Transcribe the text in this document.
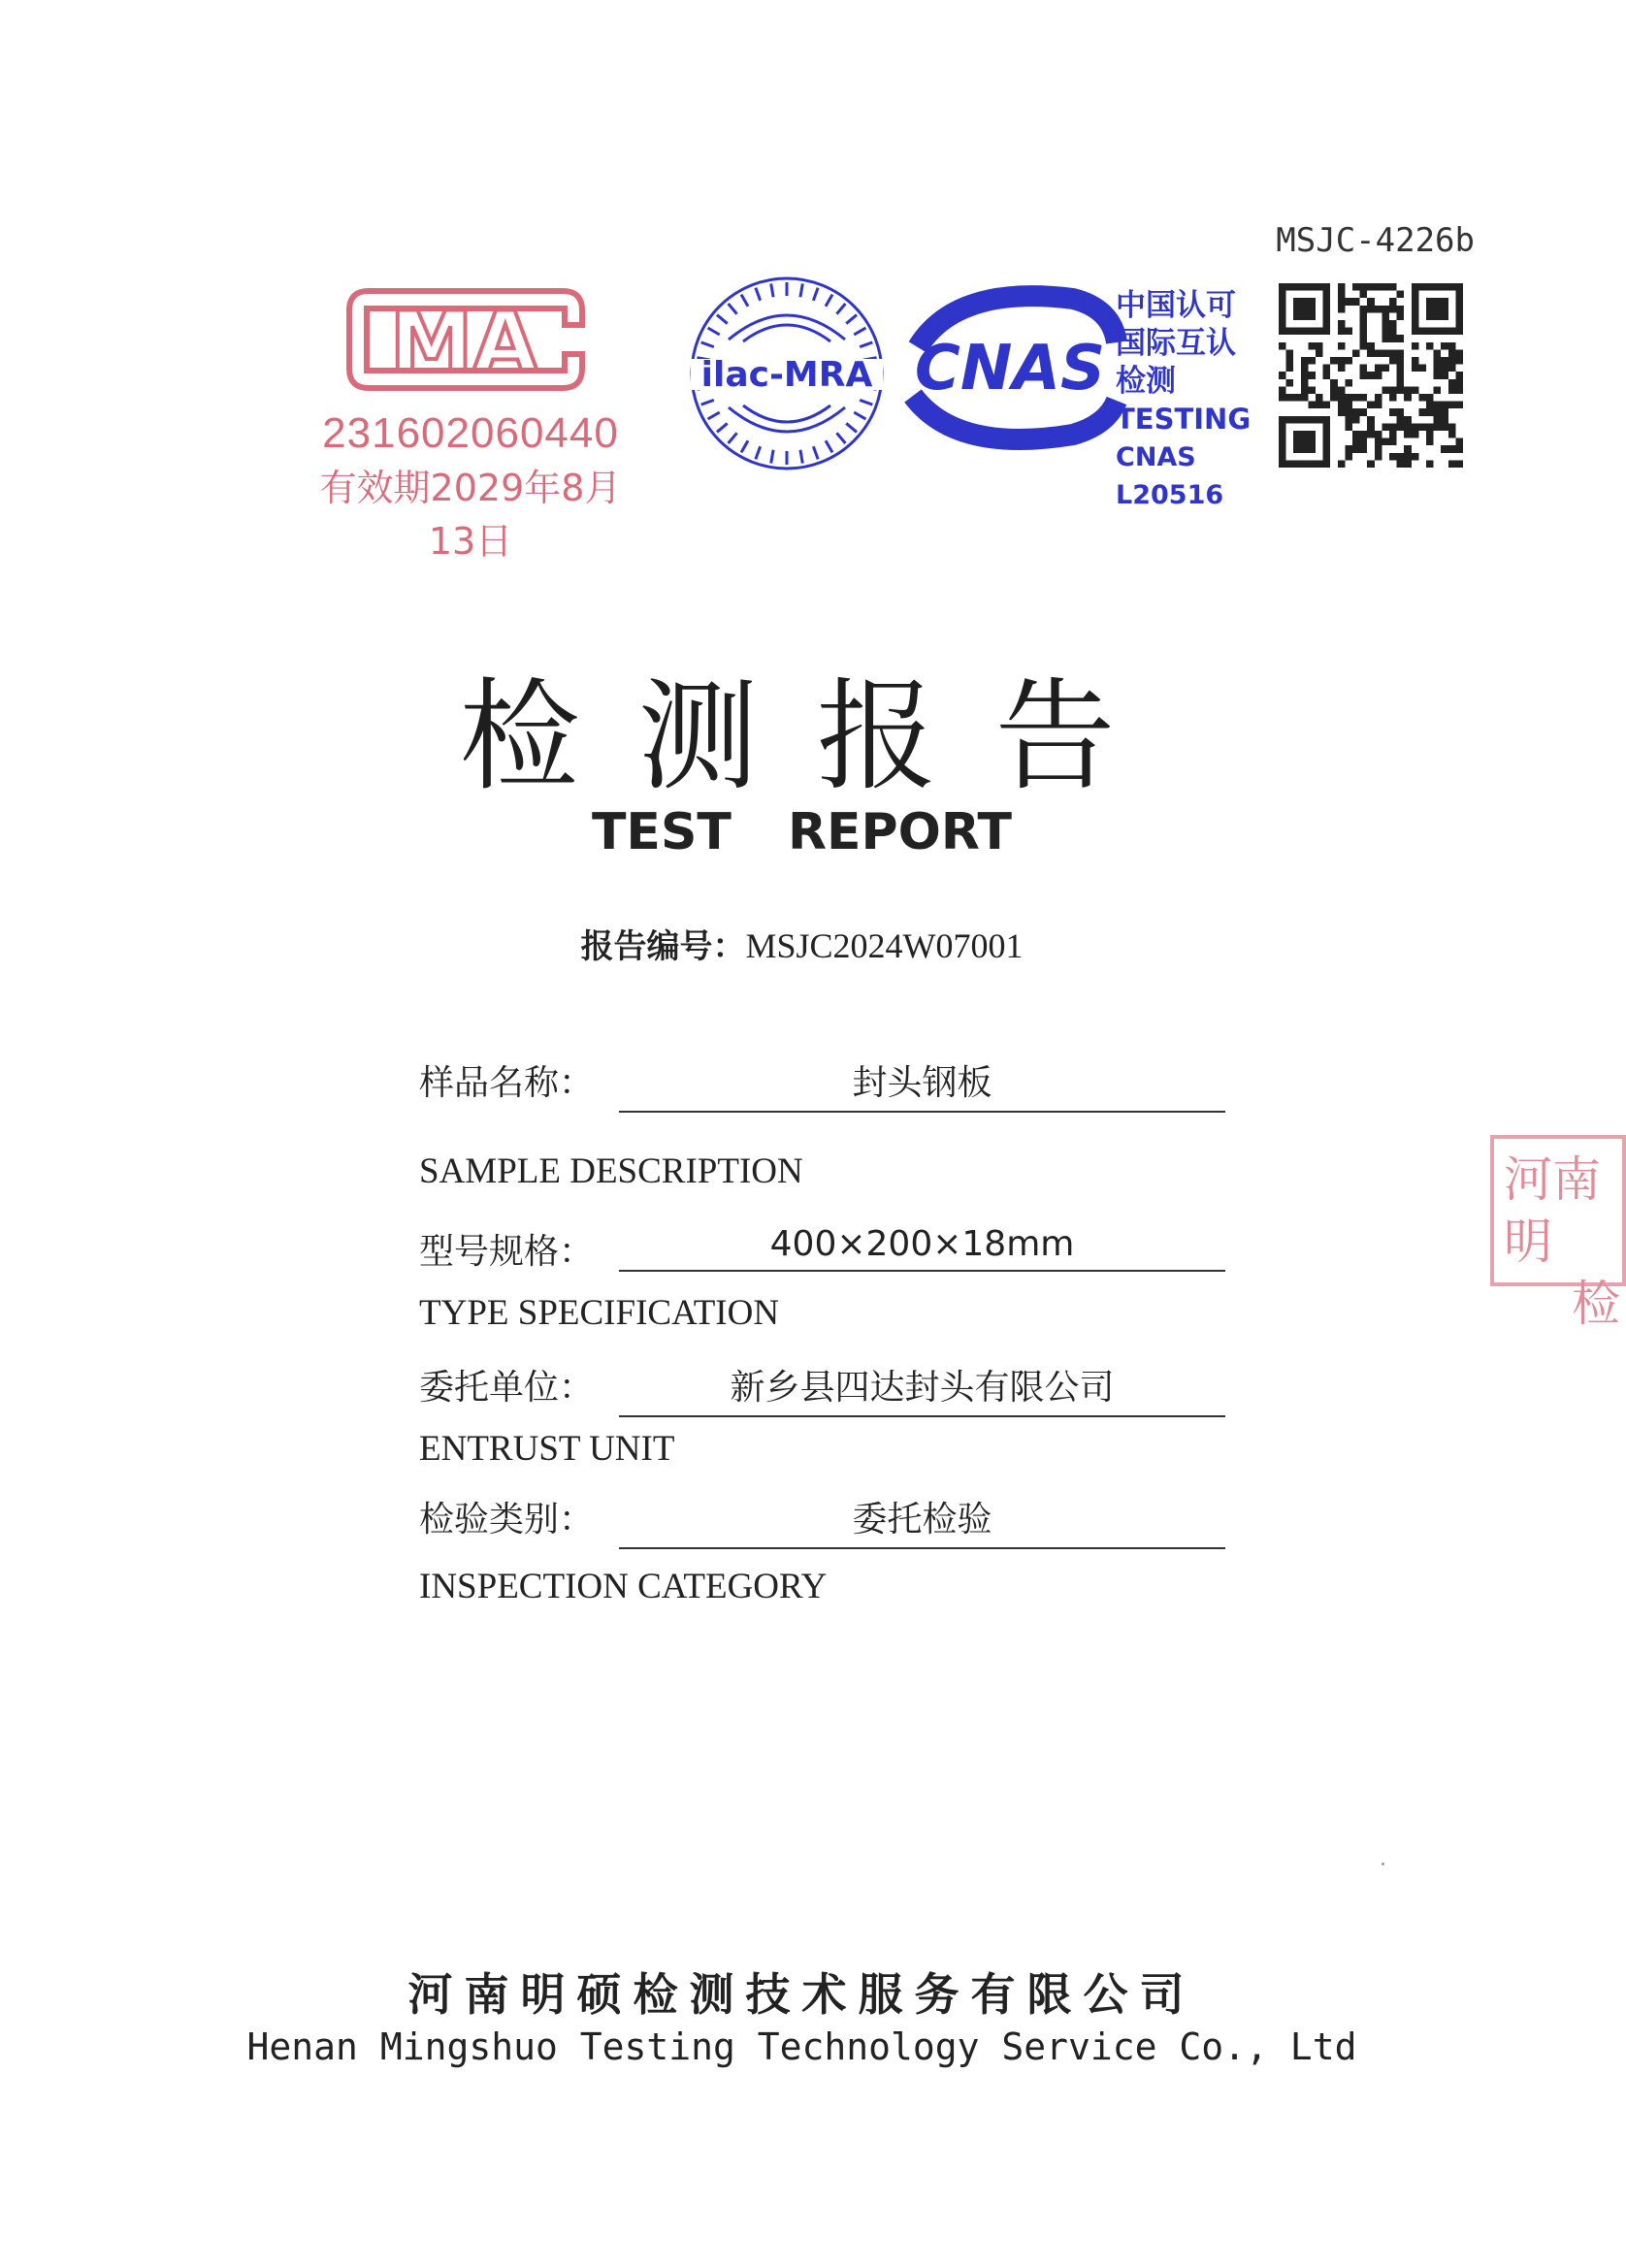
MSJC-4226b
MA
231602060440
有效期2029年8月13日
ilac-MRA CNAS
中国认可
国际互认
检测
TESTING
CNAS L20516
检测报告
TEST REPORT
报告编号：MSJC2024W07001
样品名称：	封头钢板
SAMPLE DESCRIPTION
型号规格：	400×200×18mm
TYPE SPECIFICATION
委托单位：	新乡县四达封头有限公司
ENTRUST UNIT
检验类别：	委托检验
INSPECTION CATEGORY
河南明
检
河南明硕检测技术服务有限公司
Henan Mingshuo Testing Technology Service Co., Ltd
